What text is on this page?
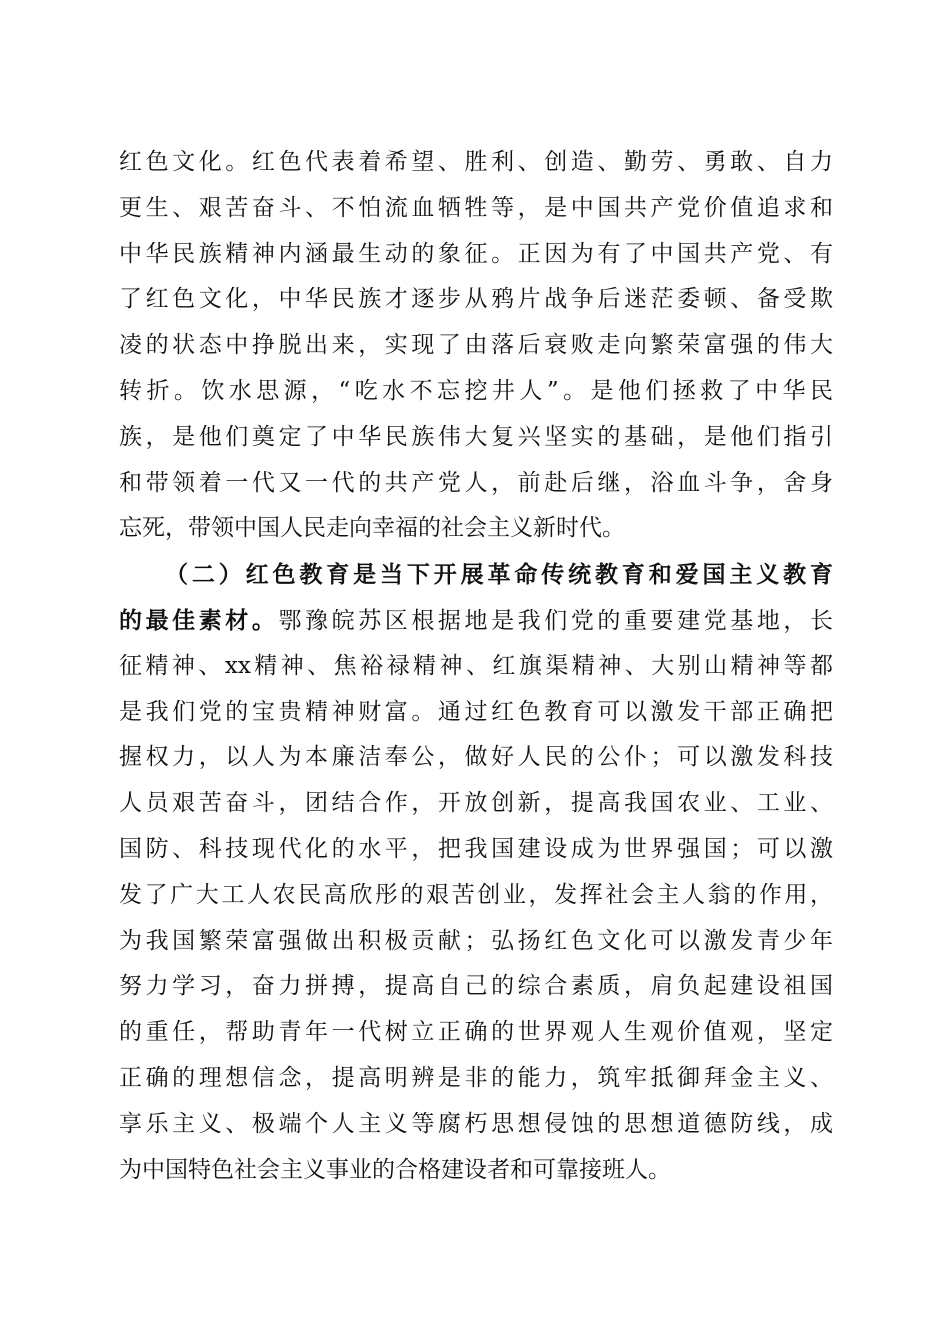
红色文化。红色代表着希望、胜利、创造、勤劳、勇敢、自力
更生、艰苦奋斗、不怕流血牺牲等，是中国共产党价值追求和
中华民族精神内涵最生动的象征。正因为有了中国共产党、有
了红色文化，中华民族才逐步从鸦片战争后迷茫委顿、备受欺
凌的状态中挣脱出来，实现了由落后衰败走向繁荣富强的伟大
转折。饮水思源，“吃水不忘挖井人”。是他们拯救了中华民
族，是他们奠定了中华民族伟大复兴坚实的基础，是他们指引
和带领着一代又一代的共产党人，前赴后继，浴血斗争，舍身
忘死，带领中国人民走向幸福的社会主义新时代。
（二）红色教育是当下开展革命传统教育和爱国主义教育
的最佳素材。鄂豫皖苏区根据地是我们党的重要建党基地，长
征精神、xx精神、焦裕禄精神、红旗渠精神、大别山精神等都
是我们党的宝贵精神财富。通过红色教育可以激发干部正确把
握权力，以人为本廉洁奉公，做好人民的公仆；可以激发科技
人员艰苦奋斗，团结合作，开放创新，提高我国农业、工业、
国防、科技现代化的水平，把我国建设成为世界强国；可以激
发了广大工人农民高欣彤的艰苦创业，发挥社会主人翁的作用，
为我国繁荣富强做出积极贡献；弘扬红色文化可以激发青少年
努力学习，奋力拼搏，提高自己的综合素质，肩负起建设祖国
的重任，帮助青年一代树立正确的世界观人生观价值观，坚定
正确的理想信念，提高明辨是非的能力，筑牢抵御拜金主义、
享乐主义、极端个人主义等腐朽思想侵蚀的思想道德防线，成
为中国特色社会主义事业的合格建设者和可靠接班人。
